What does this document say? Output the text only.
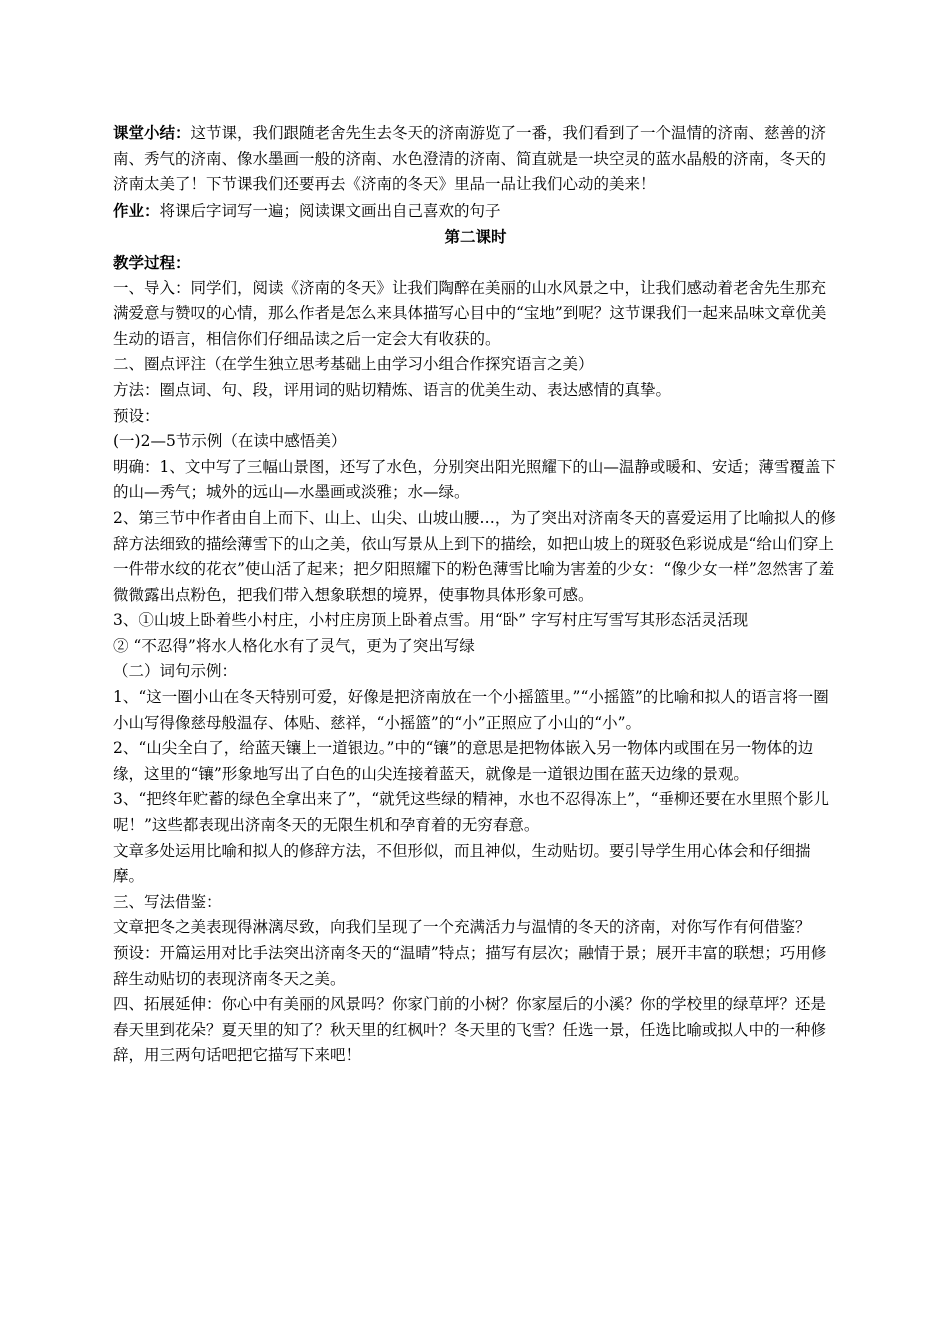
课堂小结：这节课，我们跟随老舍先生去冬天的济南游览了一番，我们看到了一个温情的济南、慈善的济南、秀气的济南、像水墨画一般的济南、水色澄清的济南、简直就是一块空灵的蓝水晶般的济南，冬天的济南太美了！下节课我们还要再去《济南的冬天》里品一品让我们心动的美来！

作业：将课后字词写一遍；阅读课文画出自己喜欢的句子

第二课时

教学过程：

一、导入：同学们，阅读《济南的冬天》让我们陶醉在美丽的山水风景之中，让我们感动着老舍先生那充满爱意与赞叹的心情，那么作者是怎么来具体描写心目中的“宝地”到呢？这节课我们一起来品味文章优美生动的语言，相信你们仔细品读之后一定会大有收获的。

二、圈点评注（在学生独立思考基础上由学习小组合作探究语言之美）

方法：圈点词、句、段，评用词的贴切精炼、语言的优美生动、表达感情的真挚。

预设：

(一)2—5节示例（在读中感悟美）

明确：1、文中写了三幅山景图，还写了水色，分别突出阳光照耀下的山—温静或暖和、安适；薄雪覆盖下的山—秀气；城外的远山—水墨画或淡雅；水—绿。

2、第三节中作者由自上而下、山上、山尖、山坡山腰…，为了突出对济南冬天的喜爱运用了比喻拟人的修辞方法细致的描绘薄雪下的山之美，依山写景从上到下的描绘，如把山坡上的斑驳色彩说成是“给山们穿上一件带水纹的花衣”使山活了起来；把夕阳照耀下的粉色薄雪比喻为害羞的少女：“像少女一样”忽然害了羞微微露出点粉色，把我们带入想象联想的境界，使事物具体形象可感。

3、①山坡上卧着些小村庄，小村庄房顶上卧着点雪。用“卧” 字写村庄写雪写其形态活灵活现

② “不忍得”将水人格化水有了灵气，更为了突出写绿

（二）词句示例：

1、“这一圈小山在冬天特别可爱，好像是把济南放在一个小摇篮里。”“小摇篮”的比喻和拟人的语言将一圈小山写得像慈母般温存、体贴、慈祥，“小摇篮”的“小”正照应了小山的“小”。

2、“山尖全白了，给蓝天镶上一道银边。”中的“镶”的意思是把物体嵌入另一物体内或围在另一物体的边缘，这里的“镶”形象地写出了白色的山尖连接着蓝天，就像是一道银边围在蓝天边缘的景观。

3、“把终年贮蓄的绿色全拿出来了”，“就凭这些绿的精神，水也不忍得冻上”，“垂柳还要在水里照个影儿呢！”这些都表现出济南冬天的无限生机和孕育着的无穷春意。

文章多处运用比喻和拟人的修辞方法，不但形似，而且神似，生动贴切。要引导学生用心体会和仔细揣摩。

三、写法借鉴：

文章把冬之美表现得淋漓尽致，向我们呈现了一个充满活力与温情的冬天的济南，对你写作有何借鉴？

预设：开篇运用对比手法突出济南冬天的“温晴”特点；描写有层次；融情于景；展开丰富的联想；巧用修辞生动贴切的表现济南冬天之美。

四、拓展延伸：你心中有美丽的风景吗？你家门前的小树？你家屋后的小溪？你的学校里的绿草坪？还是春天里到花朵？夏天里的知了？秋天里的红枫叶？冬天里的飞雪？任选一景，任选比喻或拟人中的一种修辞，用三两句话吧把它描写下来吧！
